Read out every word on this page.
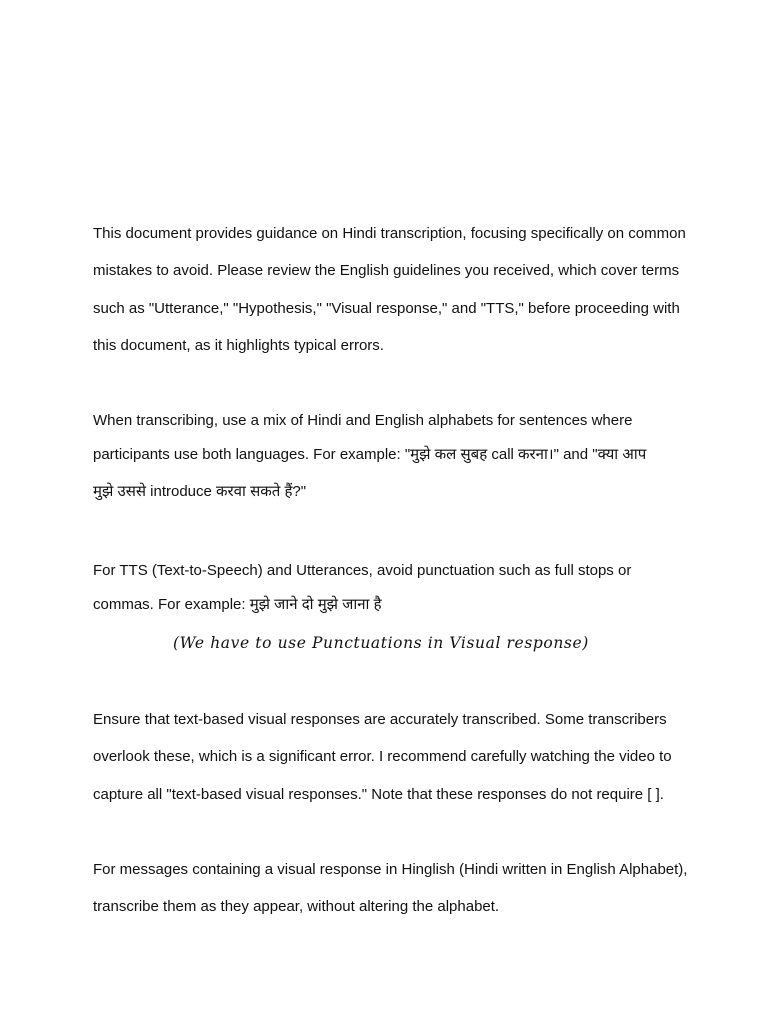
This document provides guidance on Hindi transcription, focusing specifically on common
mistakes to avoid. Please review the English guidelines you received, which cover terms
such as "Utterance," "Hypothesis," "Visual response," and "TTS," before proceeding with
this document, as it highlights typical errors.
When transcribing, use a mix of Hindi and English alphabets for sentences where
participants use both languages. For example: "मुझे कल सुबह call करना।" and "क्या आप
मुझे उससे introduce करवा सकते हैं?"
For TTS (Text-to-Speech) and Utterances, avoid punctuation such as full stops or
commas. For example: मुझे जाने दो मुझे जाना है
(We have to use Punctuations in Visual response)
Ensure that text-based visual responses are accurately transcribed. Some transcribers
overlook these, which is a significant error. I recommend carefully watching the video to
capture all "text-based visual responses." Note that these responses do not require [ ].
For messages containing a visual response in Hinglish (Hindi written in English Alphabet),
transcribe them as they appear, without altering the alphabet.
